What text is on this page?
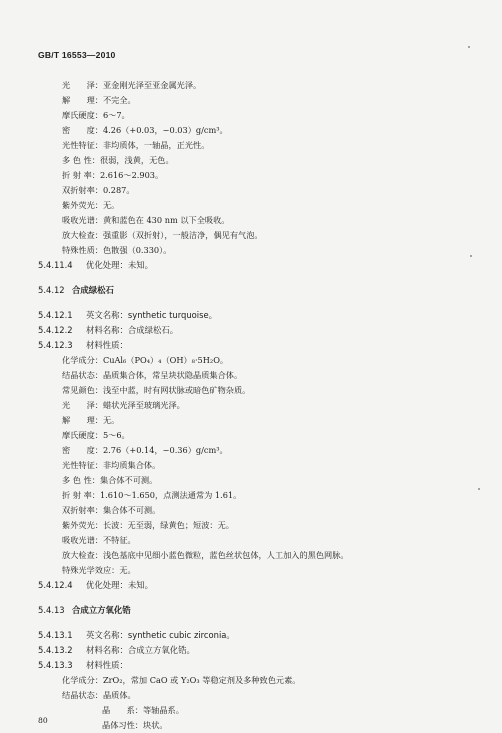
GB/T 16553—2010
光　　泽：亚金刚光泽至亚金属光泽。
解　　理：不完全。
摩氏硬度：6～7。
密　　度：4.26（+0.03，−0.03）g/cm³。
光性特征：非均质体，一轴晶，正光性。
多 色 性：很弱，浅黄，无色。
折 射 率：2.616～2.903。
双折射率：0.287。
紫外荧光：无。
吸收光谱：黄和蓝色在 430 nm 以下全吸收。
放大检查：强重影（双折射），一般洁净，偶见有气泡。
特殊性质：色散强（0.330）。
5.4.11.4 优化处理：未知。
5.4.12 合成绿松石
5.4.12.1 英文名称：synthetic turquoise。
5.4.12.2 材料名称：合成绿松石。
5.4.12.3 材料性质：
化学成分：CuAl₆（PO₄）₄（OH）₈·5H₂O。
结晶状态：晶质集合体，常呈块状隐晶质集合体。
常见颜色：浅至中蓝，时有网状脉或暗色矿物杂质。
光　　泽：蜡状光泽至玻璃光泽。
解　　理：无。
摩氏硬度：5～6。
密　　度：2.76（+0.14，−0.36）g/cm³。
光性特征：非均质集合体。
多 色 性：集合体不可测。
折 射 率：1.610～1.650，点测法通常为 1.61。
双折射率：集合体不可测。
紫外荧光：长波：无至弱，绿黄色；短波：无。
吸收光谱：不特征。
放大检查：浅色基底中见细小蓝色微粒，蓝色丝状包体，人工加入的黑色网脉。
特殊光学效应：无。
5.4.12.4 优化处理：未知。
5.4.13 合成立方氧化锆
5.4.13.1 英文名称：synthetic cubic zirconia。
5.4.13.2 材料名称：合成立方氧化锆。
5.4.13.3 材料性质：
化学成分：ZrO₂，常加 CaO 或 Y₂O₃ 等稳定剂及多种致色元素。
结晶状态：晶质体。
晶　　系：等轴晶系。
晶体习性：块状。
80
